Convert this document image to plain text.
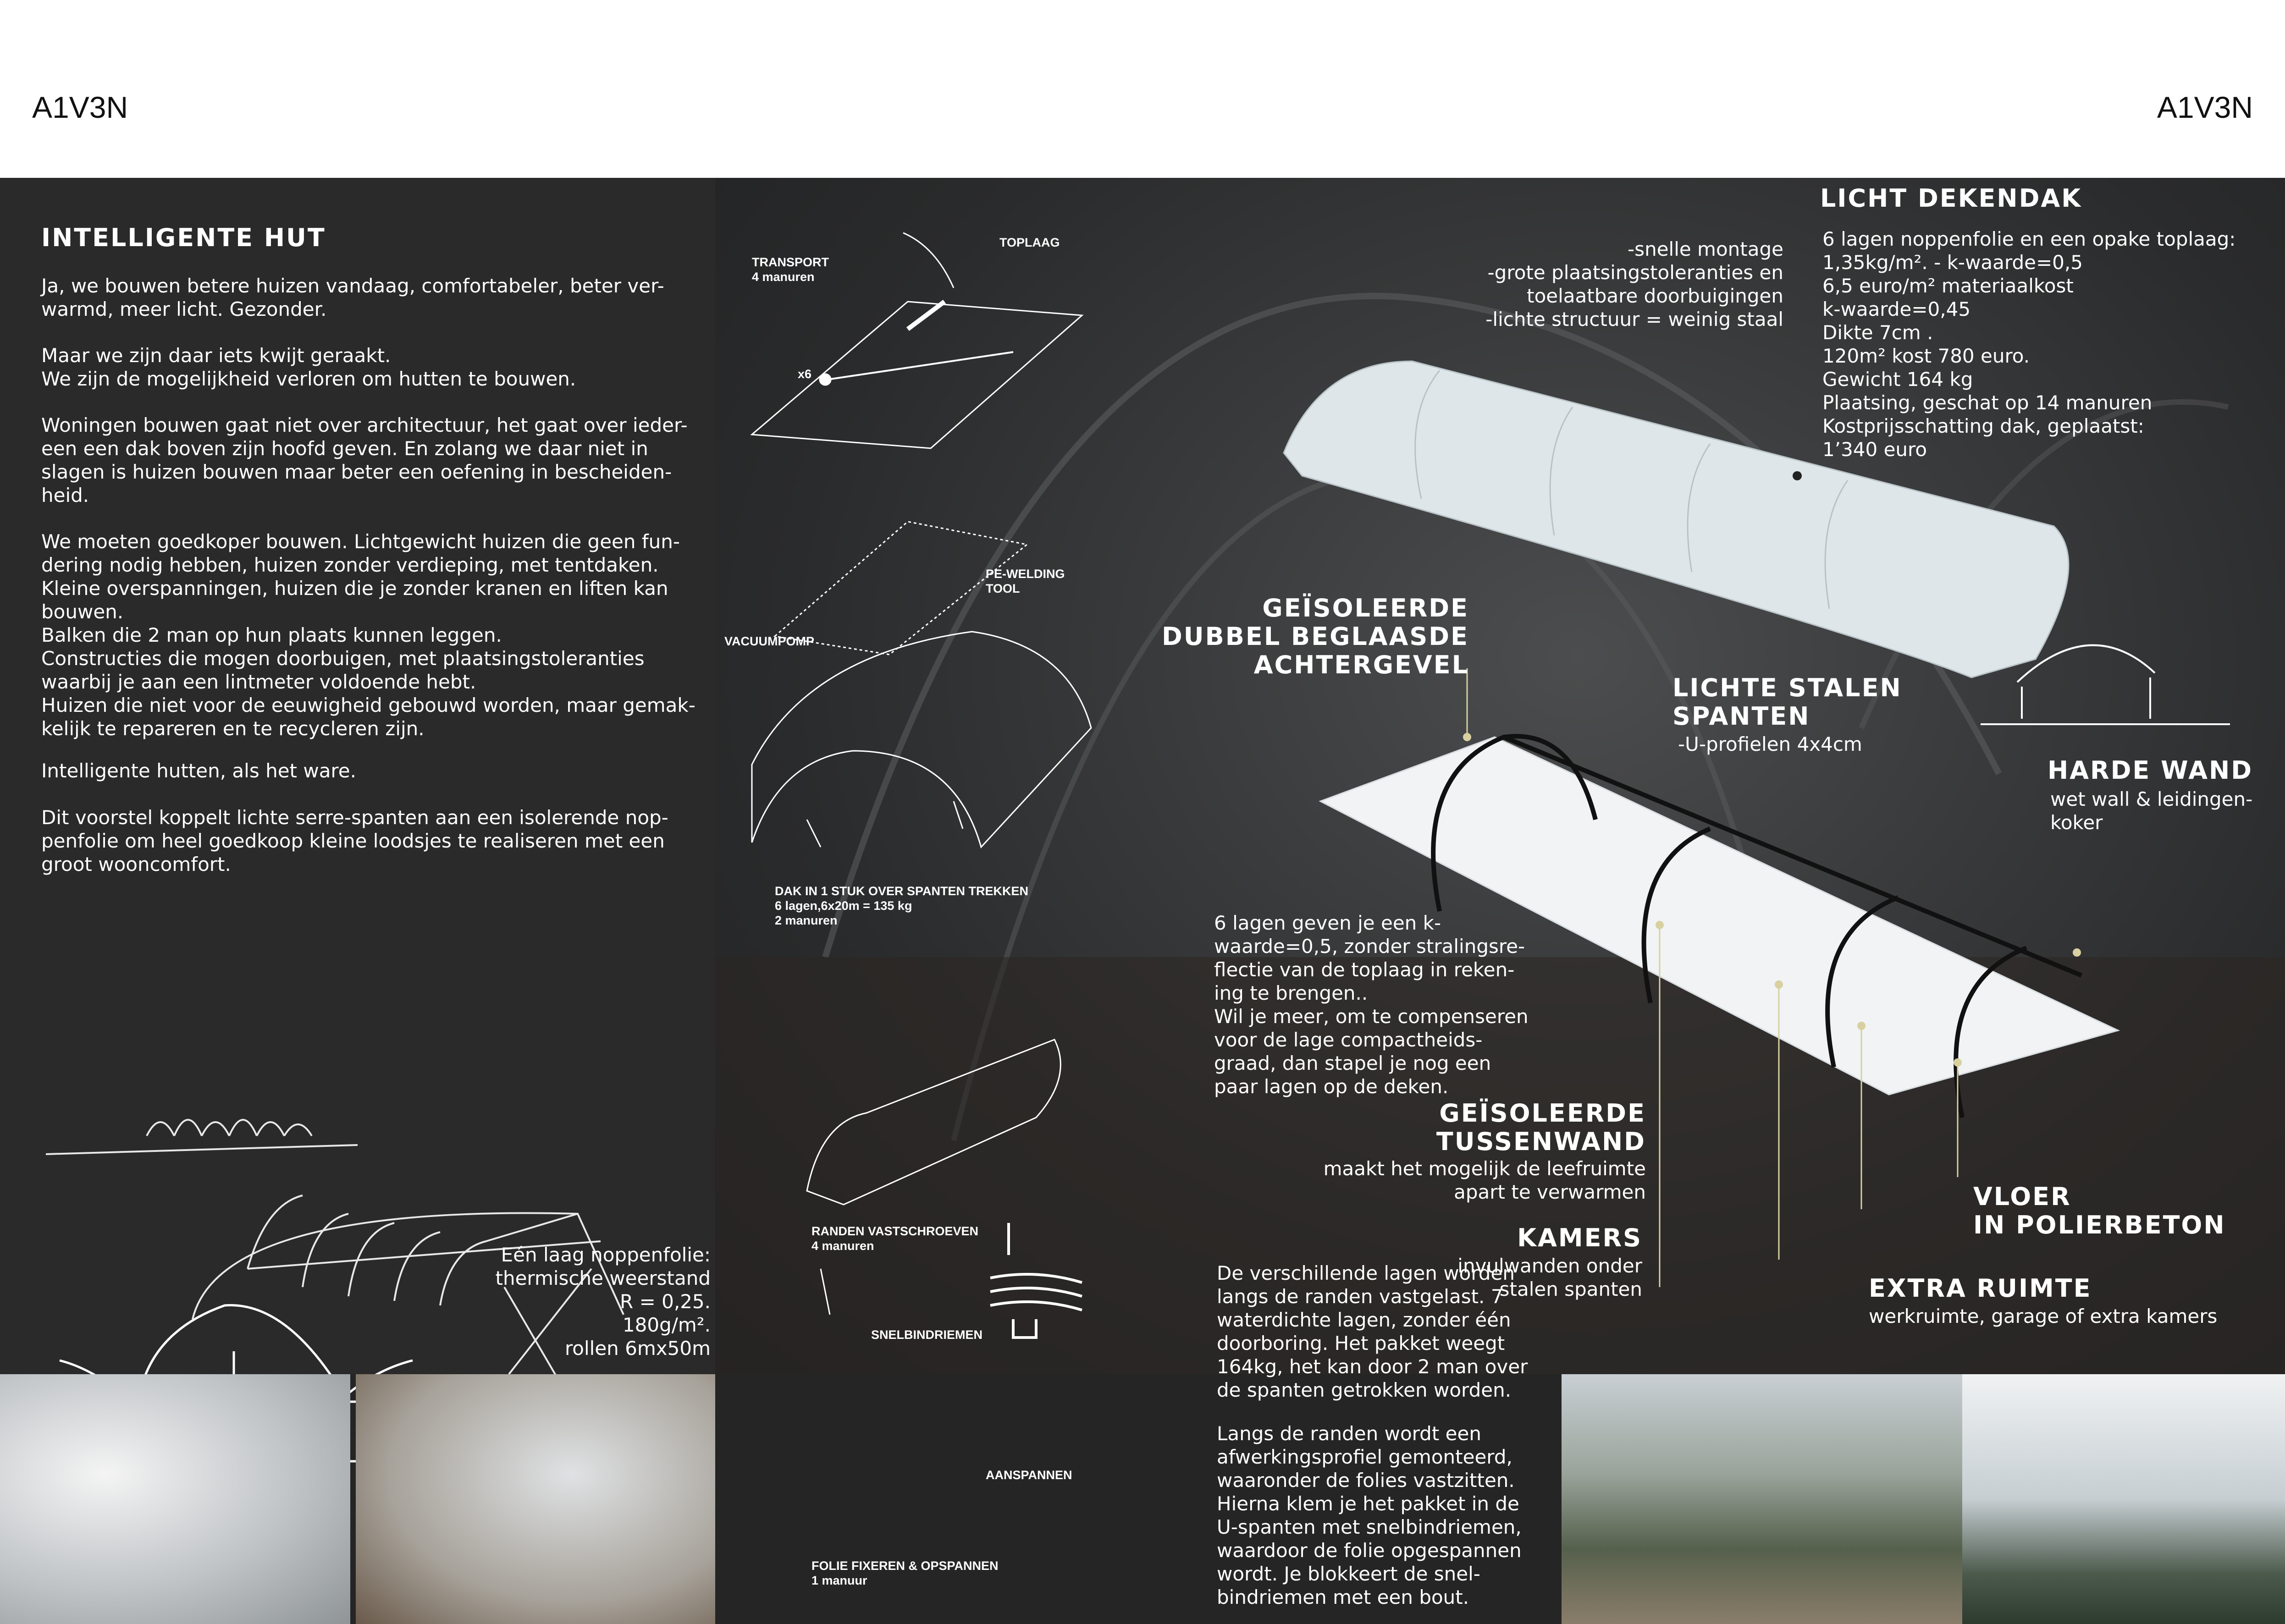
A1V3N	A1V3N
INTELLIGENTE HUT
Ja, we bouwen betere huizen vandaag, comfortabeler, beter ver-
warmd, meer licht. Gezonder.
Maar we zijn daar iets kwijt geraakt.
We zijn de mogelijkheid verloren om hutten te bouwen.
Woningen bouwen gaat niet over architectuur, het gaat over ieder-
een een dak boven zijn hoofd geven. En zolang we daar niet in
slagen is huizen bouwen maar beter een oefening in bescheiden-
heid.
We moeten goedkoper bouwen. Lichtgewicht huizen die geen fun-
dering nodig hebben, huizen zonder verdieping, met tentdaken.
Kleine overspanningen, huizen die je zonder kranen en liften kan
bouwen.
Balken die 2 man op hun plaats kunnen leggen.
Constructies die mogen doorbuigen, met plaatsingstoleranties
waarbij je aan een lintmeter voldoende hebt.
Huizen die niet voor de eeuwigheid gebouwd worden, maar gemak-
kelijk te repareren en te recycleren zijn.
Intelligente hutten, als het ware.
Dit voorstel koppelt lichte serre-spanten aan een isolerende nop-
penfolie om heel goedkoop kleine loodsjes te realiseren met een
groot wooncomfort.
Eén laag noppenfolie:
thermische weerstand
R = 0,25.
180g/m².
rollen 6mx50m
TRANSPORT
4 manuren
TOPLAAG
x6
PE-WELDING
TOOL
VACUUMPOMP
DAK IN 1 STUK OVER SPANTEN TREKKEN
6 lagen,6x20m = 135 kg
2 manuren
RANDEN VASTSCHROEVEN
4 manuren
SNELBINDRIEMEN
AANSPANNEN
FOLIE FIXEREN & OPSPANNEN
1 manuur
-snelle montage
-grote plaatsingstoleranties en
toelaatbare doorbuigingen
-lichte structuur = weinig staal
LICHT DEKENDAK
6 lagen noppenfolie en een opake toplaag:
1,35kg/m². - k-waarde=0,5
6,5 euro/m² materiaalkost
k-waarde=0,45
Dikte 7cm .
120m² kost 780 euro.
Gewicht 164 kg
Plaatsing, geschat op 14 manuren
Kostprijsschatting dak, geplaatst:
1’340 euro
GEÏSOLEERDE
DUBBEL BEGLAASDE
ACHTERGEVEL
LICHTE STALEN
SPANTEN
-U-profielen 4x4cm
HARDE WAND
wet wall & leidingen-
koker
6 lagen geven je een k-
waarde=0,5, zonder stralingsre-
flectie van de toplaag in reken-
ing te brengen..
Wil je meer, om te compenseren
voor de lage compactheids-
graad, dan stapel je nog een
paar lagen op de deken.
GEÏSOLEERDE
TUSSENWAND
maakt het mogelijk de leefruimte
apart te verwarmen	VLOER
IN POLIERBETON
KAMERS
invulwanden onder
stalen spanten	EXTRA RUIMTE
werkruimte, garage of extra kamers
De verschillende lagen worden
langs de randen vastgelast. 7
waterdichte lagen, zonder één
doorboring. Het pakket weegt
164kg, het kan door 2 man over
de spanten getrokken worden.
Langs de randen wordt een
afwerkingsprofiel gemonteerd,
waaronder de folies vastzitten.
Hierna klem je het pakket in de
U-spanten met snelbindriemen,
waardoor de folie opgespannen
wordt. Je blokkeert de snel-
bindriemen met een bout.
